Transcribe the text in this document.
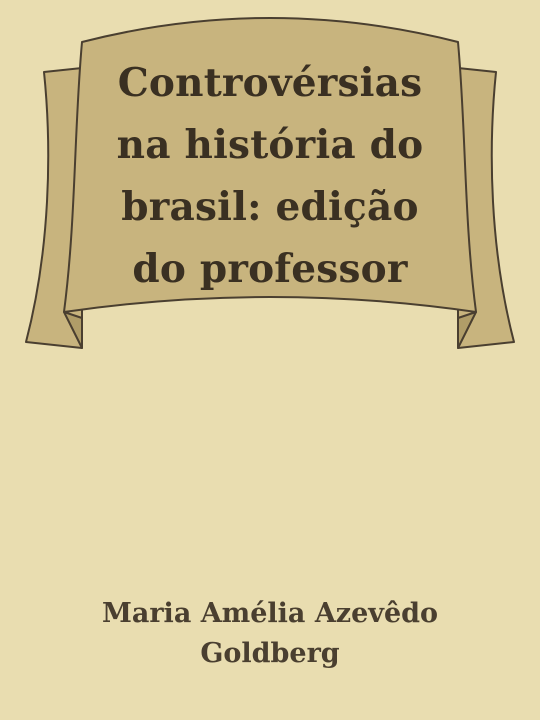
Controvérsias na história do brasil: edição do professor

Maria Amélia Azevêdo Goldberg
